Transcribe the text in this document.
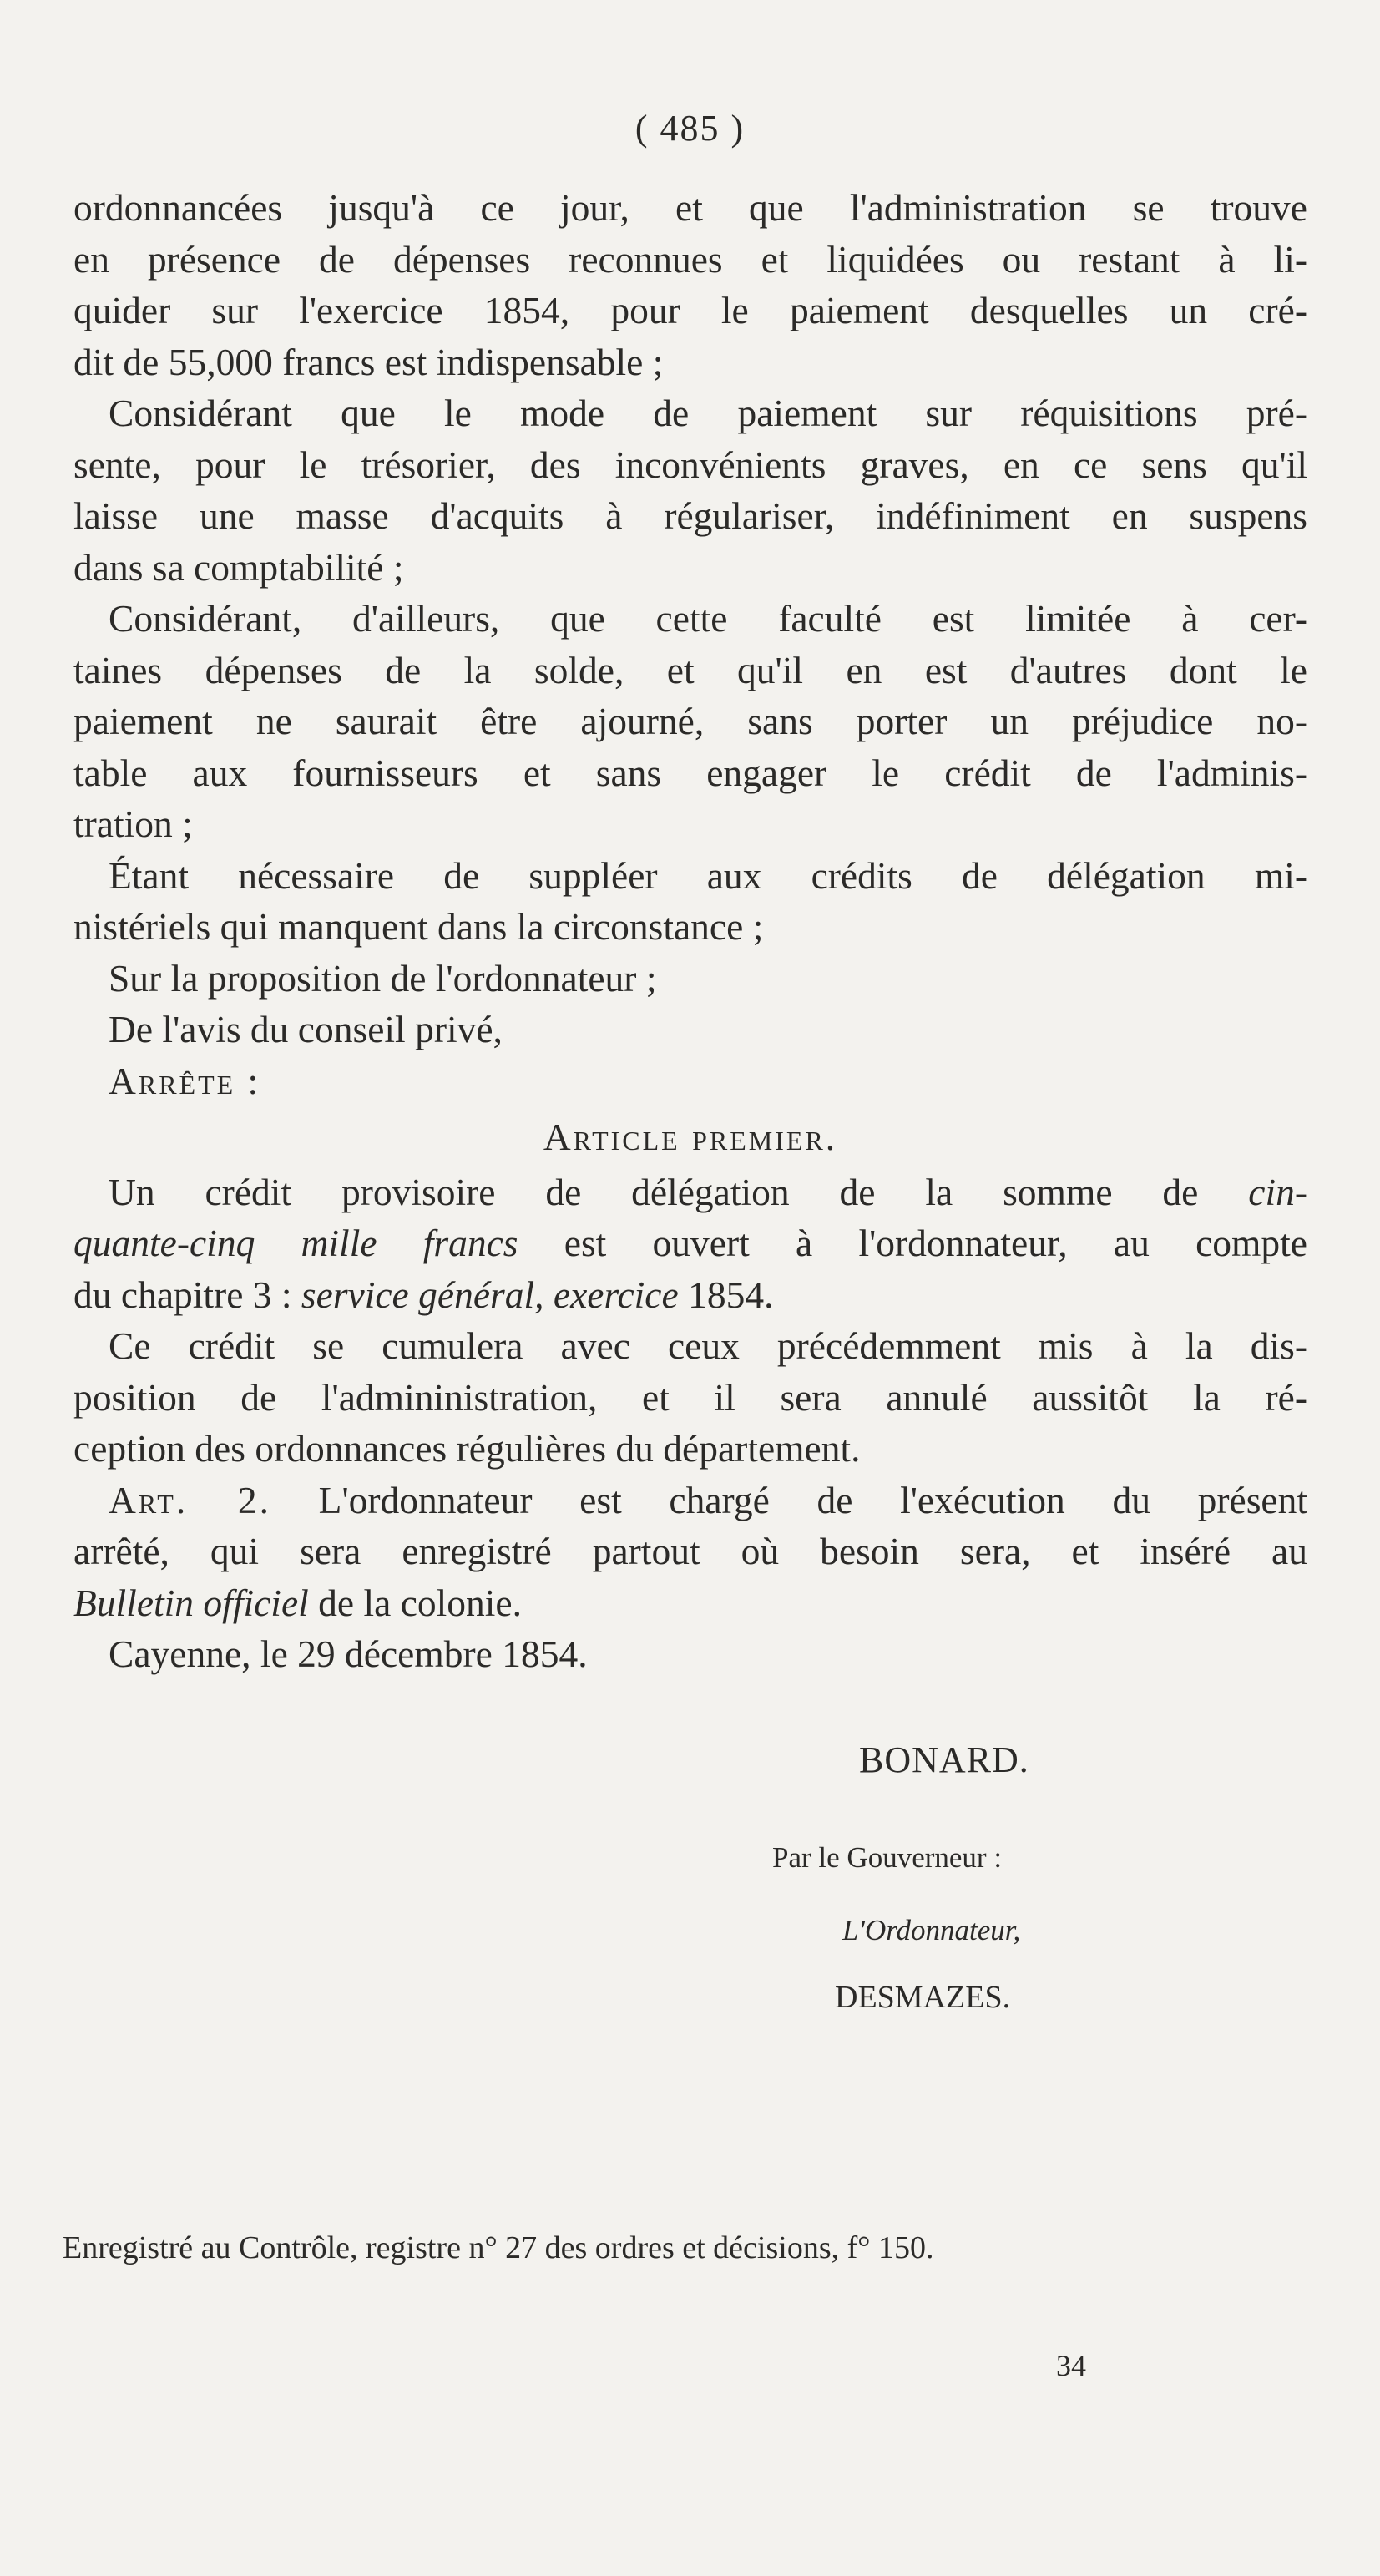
( 485 )
ordonnancées jusqu'à ce jour, et que l'administration se trouve
en présence de dépenses reconnues et liquidées ou restant à li-
quider sur l'exercice 1854, pour le paiement desquelles un cré-
dit de 55,000 francs est indispensable ;
Considérant que le mode de paiement sur réquisitions pré-
sente, pour le trésorier, des inconvénients graves, en ce sens qu'il
laisse une masse d'acquits à régulariser, indéfiniment en suspens
dans sa comptabilité ;
Considérant, d'ailleurs, que cette faculté est limitée à cer-
taines dépenses de la solde, et qu'il en est d'autres dont le
paiement ne saurait être ajourné, sans porter un préjudice no-
table aux fournisseurs et sans engager le crédit de l'adminis-
tration ;
Étant nécessaire de suppléer aux crédits de délégation mi-
nistériels qui manquent dans la circonstance ;
Sur la proposition de l'ordonnateur ;
De l'avis du conseil privé,
Arrête :
Article premier.
Un crédit provisoire de délégation de la somme de cin-
quante-cinq mille francs est ouvert à l'ordonnateur, au compte
du chapitre 3 : service général, exercice 1854.
Ce crédit se cumulera avec ceux précédemment mis à la dis-
position de l'admininistration, et il sera annulé aussitôt la ré-
ception des ordonnances régulières du département.
Art. 2. L'ordonnateur est chargé de l'exécution du présent
arrêté, qui sera enregistré partout où besoin sera, et inséré au
Bulletin officiel de la colonie.
Cayenne, le 29 décembre 1854.
BONARD.
Par le Gouverneur :
L'Ordonnateur,
DESMAZES.
Enregistré au Contrôle, registre n° 27 des ordres et décisions, f° 150.
34
